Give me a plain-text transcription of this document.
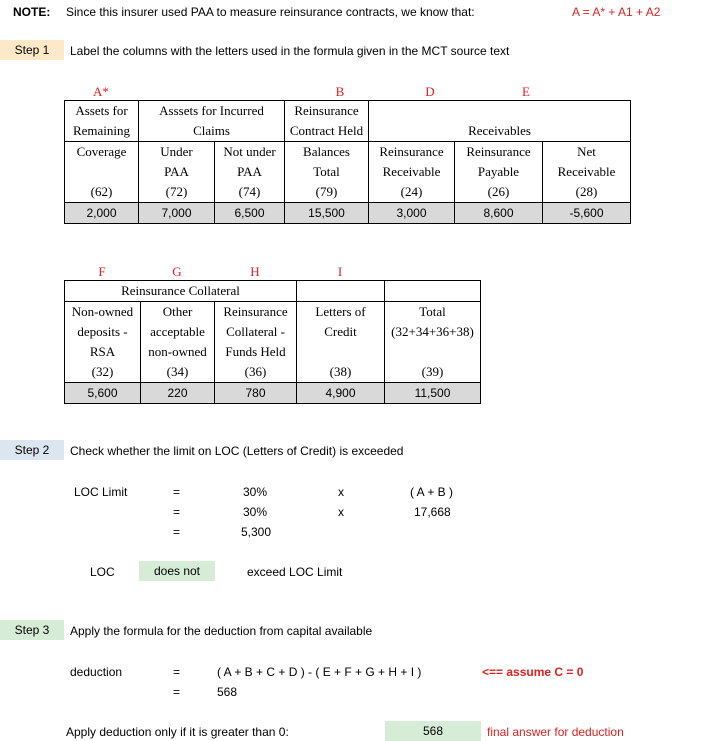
NOTE: Since this insurer used PAA to measure reinsurance contracts, we know that:	A = A* + A1 + A2
Step 1	Label the columns with the letters used in the formula given in the MCT source text
A*	B	D	E
Assets for	Asssets for Incurred		Reinsurance			
Remaining	Claims		Contract Held	Receivables		
Coverage	Under	Not under	Balances	Reinsurance	Reinsurance	Net
	PAA	PAA	Total	Receivable	Payable	Receivable
(62)	(72)	(74)	(79)	(24)	(26)	(28)
2,000	7,000	6,500	15,500	3,000	8,600	-5,600
F	G	H	I
Reinsurance Collateral				
Non-owned	Other	Reinsurance	Letters of	Total
deposits -	acceptable	Collateral -	Credit	(32+34+36+38)
RSA	non-owned	Funds Held		
(32)	(34)	(36)	(38)	(39)
5,600	220	780	4,900	11,500
Step 2	Check whether the limit on LOC (Letters of Credit) is exceeded
LOC Limit	=	30%	x	( A + B )
=	30%	x	17,668
=	5,300
LOC	does not	exceed LOC Limit
Step 3	Apply the formula for the deduction from capital available
deduction	=	( A + B + C + D ) - ( E + F + G + H + I )	<== assume C = 0
=	568
Apply deduction only if it is greater than 0:	568	final answer for deduction
